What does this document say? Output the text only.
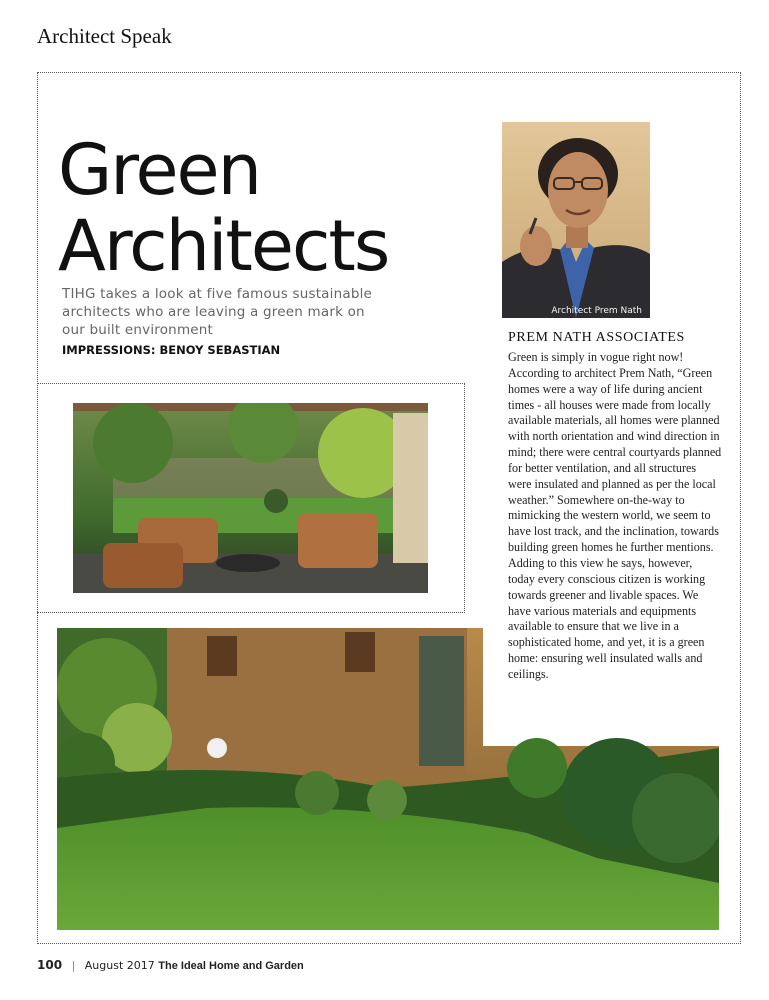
Architect Speak
Green
Architects
TIHG takes a look at five famous sustainable architects who are leaving a green mark on our built environment
IMPRESSIONS: BENOY SEBASTIAN
Architect Prem Nath
PREM NATH ASSOCIATES
Green is simply in vogue right now! According to architect Prem Nath, “Green homes were a way of life during ancient times - all houses were made from locally available materials, all homes were planned with north orientation and wind direction in mind; there were central courtyards planned for better ventilation, and all structures were insulated and planned as per the local weather.” Somewhere on-the-way to mimicking the western world, we seem to have lost track, and the inclination, towards building green homes he further mentions. Adding to this view he says, however, today every conscious citizen is working towards greener and livable spaces. We have various materials and equipments available to ensure that we live in a sophisticated home, and yet, it is a green home: ensuring well insulated walls and ceilings.
100 | August 2017 The Ideal Home and Garden
